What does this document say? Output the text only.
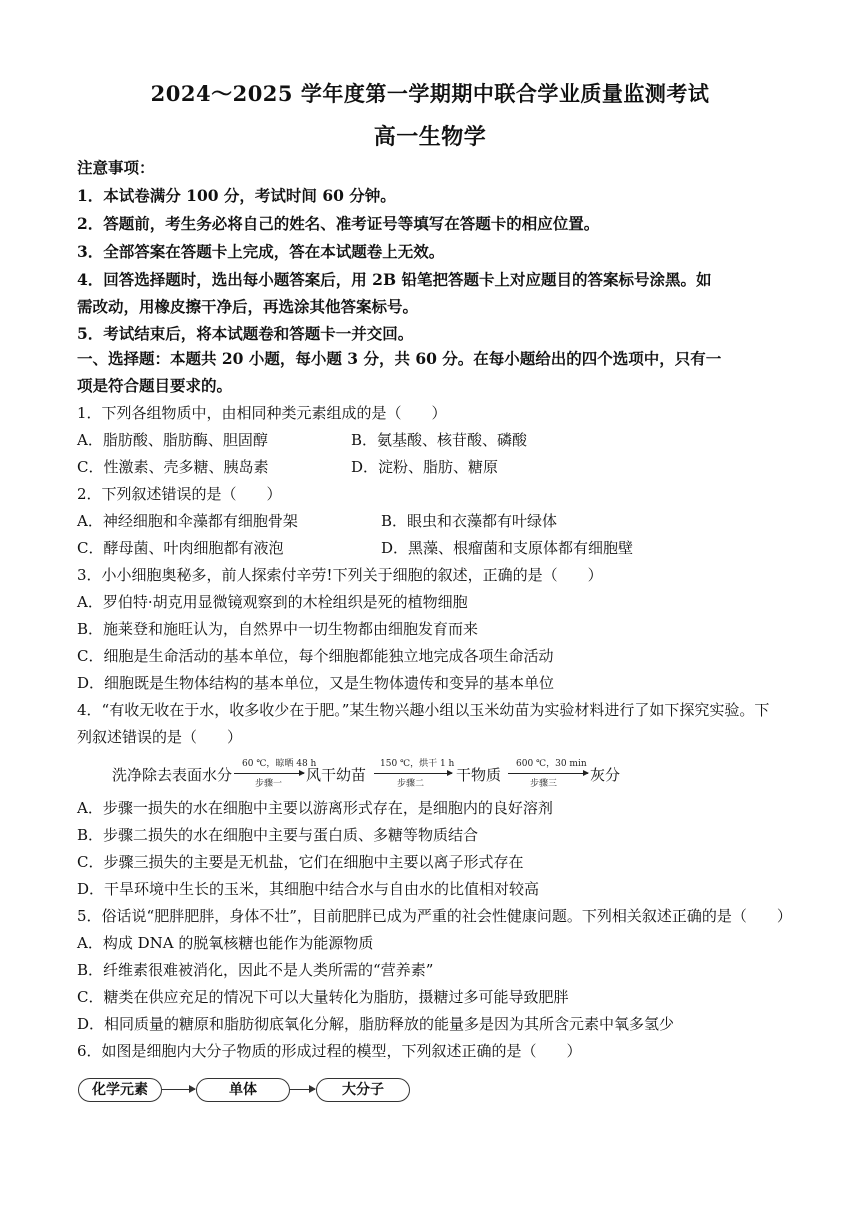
2024～2025 学年度第一学期期中联合学业质量监测考试
高一生物学
注意事项：
1．本试卷满分 100 分，考试时间 60 分钟。
2．答题前，考生务必将自己的姓名、准考证号等填写在答题卡的相应位置。
3．全部答案在答题卡上完成，答在本试题卷上无效。
4．回答选择题时，选出每小题答案后，用 2B 铅笔把答题卡上对应题目的答案标号涂黑。如
需改动，用橡皮擦干净后，再选涂其他答案标号。
5．考试结束后，将本试题卷和答题卡一并交回。
一、选择题：本题共 20 小题，每小题 3 分，共 60 分。在每小题给出的四个选项中，只有一
项是符合题目要求的。
1．下列各组物质中，由相同种类元素组成的是（　　）
A．脂肪酸、脂肪酶、胆固醇	B．氨基酸、核苷酸、磷酸
C．性激素、壳多糖、胰岛素	D．淀粉、脂肪、糖原
2．下列叙述错误的是（　　）
A．神经细胞和伞藻都有细胞骨架	B．眼虫和衣藻都有叶绿体
C．酵母菌、叶肉细胞都有液泡	D．黑藻、根瘤菌和支原体都有细胞壁
3．小小细胞奥秘多，前人探索付辛劳!下列关于细胞的叙述，正确的是（　　）
A．罗伯特·胡克用显微镜观察到的木栓组织是死的植物细胞
B．施莱登和施旺认为，自然界中一切生物都由细胞发育而来
C．细胞是生命活动的基本单位，每个细胞都能独立地完成各项生命活动
D．细胞既是生物体结构的基本单位，又是生物体遗传和变异的基本单位
4．“有收无收在于水，收多收少在于肥。”某生物兴趣小组以玉米幼苗为实验材料进行了如下探究实验。下
列叙述错误的是（　　）
洗净除去表面水分
60 ℃，晾晒 48 h
步骤一 风干幼苗
150 ℃，烘干 1 h
步骤二 干物质
600 ℃，30 min
步骤三 灰分
A．步骤一损失的水在细胞中主要以游离形式存在，是细胞内的良好溶剂
B．步骤二损失的水在细胞中主要与蛋白质、多糖等物质结合
C．步骤三损失的主要是无机盐，它们在细胞中主要以离子形式存在
D．干旱环境中生长的玉米，其细胞中结合水与自由水的比值相对较高
5．俗话说“肥胖肥胖，身体不壮”，目前肥胖已成为严重的社会性健康问题。下列相关叙述正确的是（　　）
A．构成 DNA 的脱氧核糖也能作为能源物质
B．纤维素很难被消化，因此不是人类所需的“营养素”
C．糖类在供应充足的情况下可以大量转化为脂肪，摄糖过多可能导致肥胖
D．相同质量的糖原和脂肪彻底氧化分解，脂肪释放的能量多是因为其所含元素中氧多氢少
6．如图是细胞内大分子物质的形成过程的模型，下列叙述正确的是（　　）
化学元素	单体	大分子
